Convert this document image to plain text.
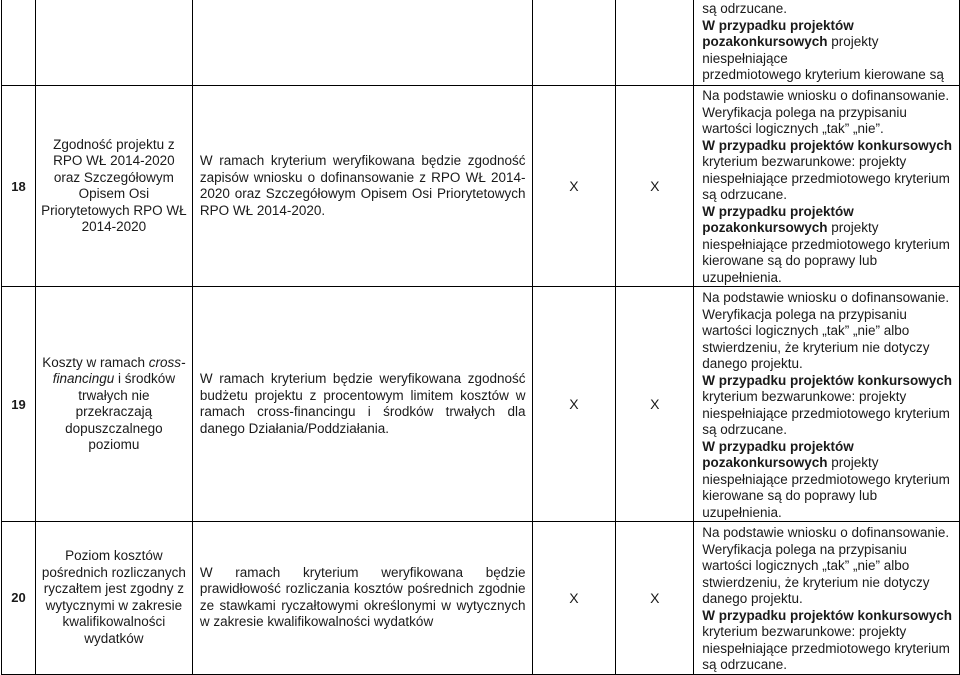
					są odrzucane.

W przypadku projektów

pozakonkursowych projekty niespełniające

przedmiotowego kryterium kierowane są

18	Zgodność projektu z RPO WŁ 2014-2020 oraz Szczegółowym Opisem Osi Priorytetowych RPO WŁ 2014-2020	W ramach kryterium weryfikowana będzie zgodność zapisów wniosku o dofinansowanie z RPO WŁ 2014-2020 oraz Szczegółowym Opisem Osi Priorytetowych RPO WŁ 2014-2020.	X	X	Na podstawie wniosku o dofinansowanie.

Weryfikacja polega na przypisaniu wartości logicznych „tak” „nie”.

W przypadku projektów konkursowych
kryterium bezwarunkowe: projekty niespełniające przedmiotowego kryterium są odrzucane.

W przypadku projektów pozakonkursowych projekty niespełniające przedmiotowego kryterium kierowane są do poprawy lub uzupełnienia.

19	Koszty w ramach cross-financingu i środków trwałych nie przekraczają dopuszczalnego poziomu	W ramach kryterium będzie weryfikowana zgodność budżetu projektu z procentowym limitem kosztów w ramach cross-financingu i środków trwałych dla danego Działania/Poddziałania.	X	X	Na podstawie wniosku o dofinansowanie.

Weryfikacja polega na przypisaniu wartości logicznych „tak” „nie” albo stwierdzeniu, że kryterium nie dotyczy danego projektu.

W przypadku projektów konkursowych
kryterium bezwarunkowe: projekty niespełniające przedmiotowego kryterium są odrzucane.

W przypadku projektów pozakonkursowych projekty niespełniające przedmiotowego kryterium kierowane są do poprawy lub uzupełnienia.

20	Poziom kosztów pośrednich rozliczanych ryczałtem jest zgodny z wytycznymi w zakresie kwalifikowalności wydatków	W ramach kryterium weryfikowana będzie prawidłowość rozliczania kosztów pośrednich zgodnie ze stawkami ryczałtowymi określonymi w wytycznych w zakresie kwalifikowalności wydatków	X	X	Na podstawie wniosku o dofinansowanie.

Weryfikacja polega na przypisaniu wartości logicznych „tak” „nie” albo stwierdzeniu, że kryterium nie dotyczy danego projektu.

W przypadku projektów konkursowych
kryterium bezwarunkowe: projekty niespełniające przedmiotowego kryterium są odrzucane.
